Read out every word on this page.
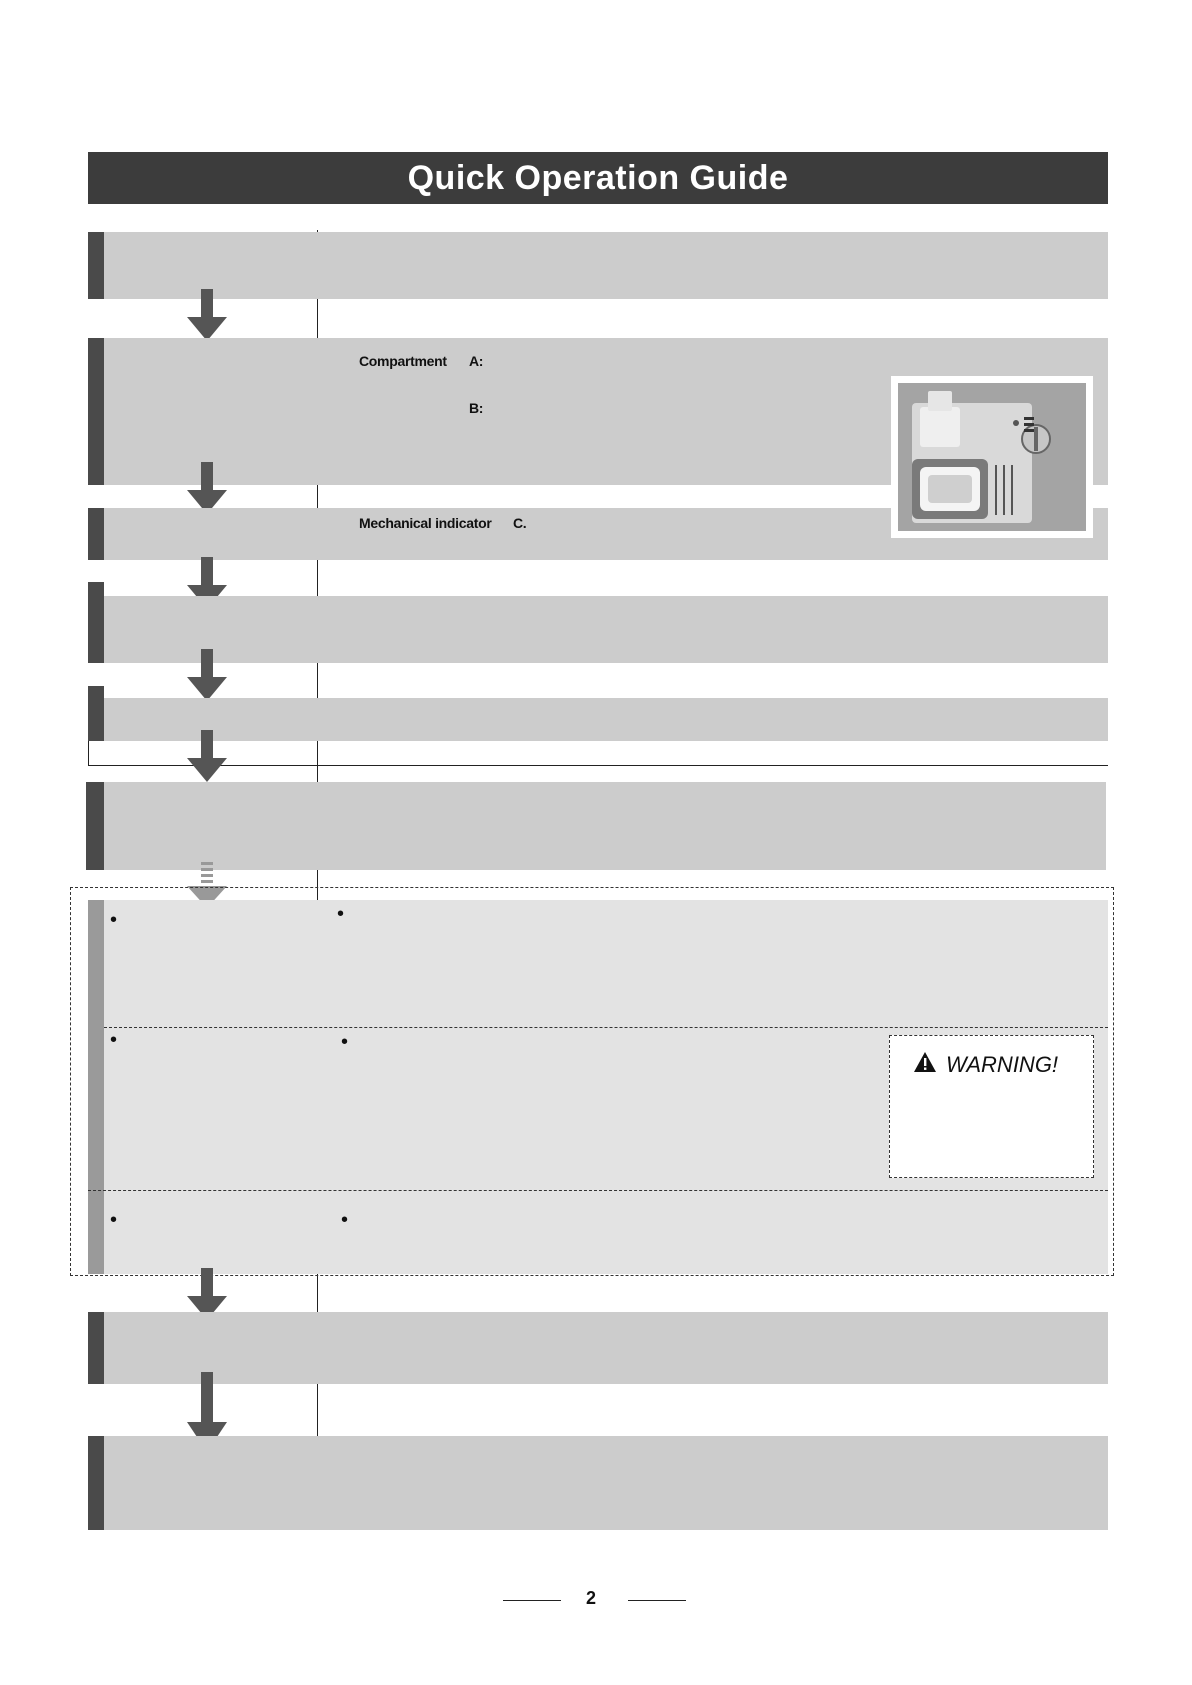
Quick Operation Guide
Compartment A:
B:
Mechanical indicator C.
•	•
•	•
•	•
WARNING!
2
